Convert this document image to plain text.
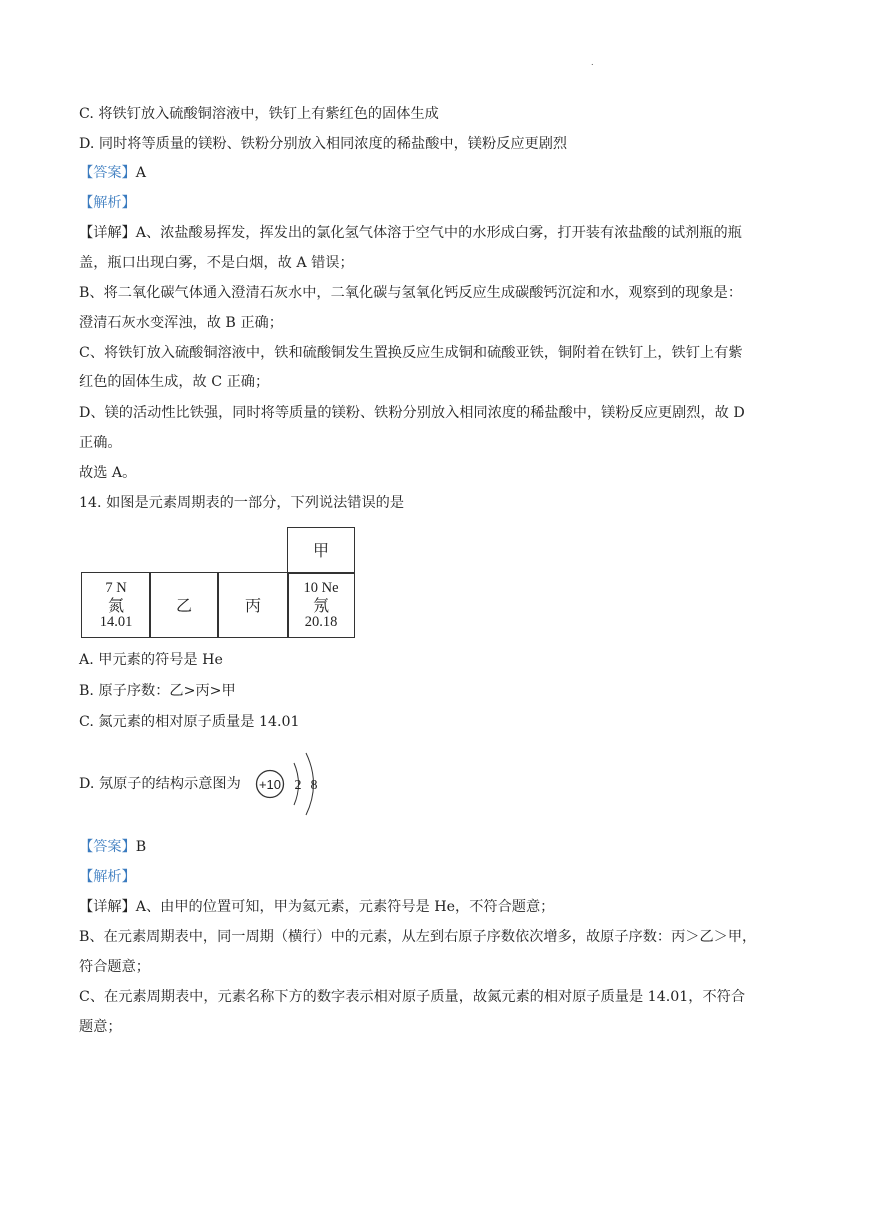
.
C. 将铁钉放入硫酸铜溶液中，铁钉上有紫红色的固体生成
D. 同时将等质量的镁粉、铁粉分别放入相同浓度的稀盐酸中，镁粉反应更剧烈
【答案】A
【解析】
【详解】A、浓盐酸易挥发，挥发出的氯化氢气体溶于空气中的水形成白雾，打开装有浓盐酸的试剂瓶的瓶
盖，瓶口出现白雾，不是白烟，故 A 错误；
B、将二氧化碳气体通入澄清石灰水中，二氧化碳与氢氧化钙反应生成碳酸钙沉淀和水，观察到的现象是：
澄清石灰水变浑浊，故 B 正确；
C、将铁钉放入硫酸铜溶液中，铁和硫酸铜发生置换反应生成铜和硫酸亚铁，铜附着在铁钉上，铁钉上有紫
红色的固体生成，故 C 正确；
D、镁的活动性比铁强，同时将等质量的镁粉、铁粉分别放入相同浓度的稀盐酸中，镁粉反应更剧烈，故 D
正确。
故选 A。
14. 如图是元素周期表的一部分，下列说法错误的是
甲
7 N
氮
14.01
乙	丙
10 Ne
氖
20.18
A. 甲元素的符号是 He
B. 原子序数：乙>丙>甲
C. 氮元素的相对原子质量是 14.01
D. 氖原子的结构示意图为 +10 2 8
【答案】B
【解析】
【详解】A、由甲的位置可知，甲为氦元素，元素符号是 He，不符合题意；
B、在元素周期表中，同一周期（横行）中的元素，从左到右原子序数依次增多，故原子序数：丙＞乙＞甲，
符合题意；
C、在元素周期表中，元素名称下方的数字表示相对原子质量，故氮元素的相对原子质量是 14.01，不符合
题意；
